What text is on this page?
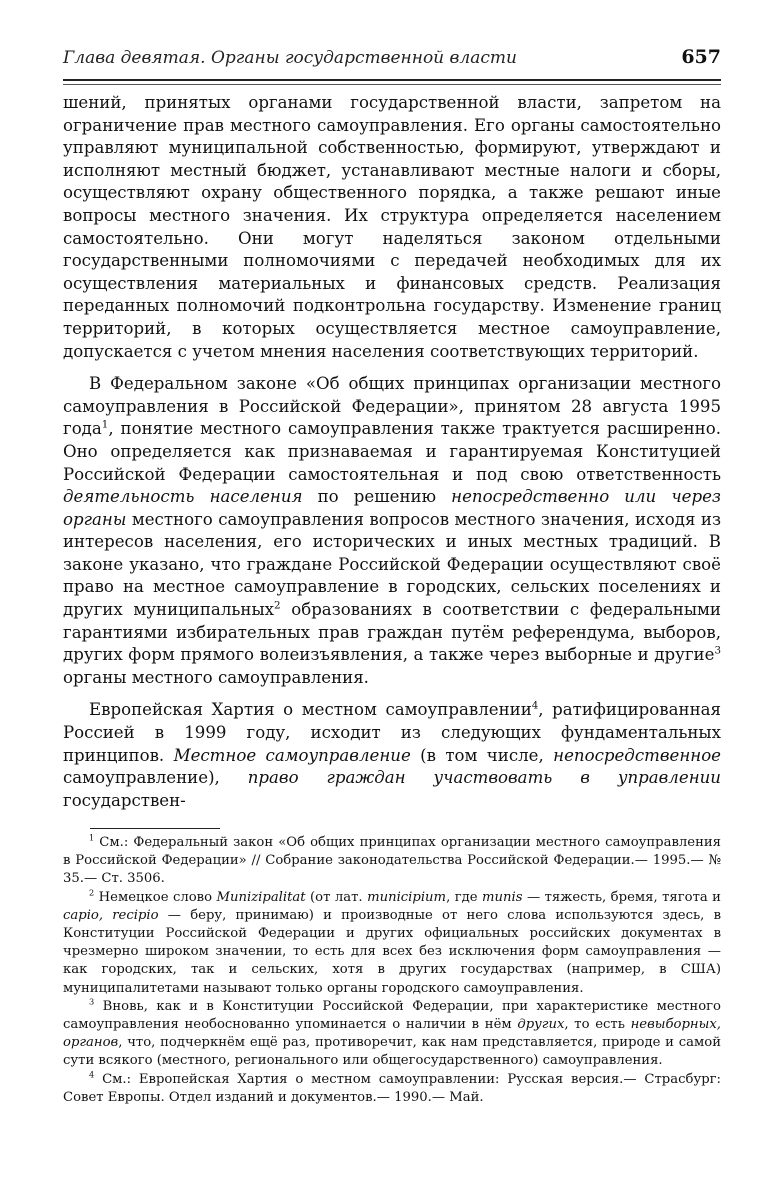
Глава девятая. Органы государственной власти	657

шений, принятых органами государственной власти, запретом на ограничение прав местного самоуправления. Его органы самостоятельно управляют муниципальной собственностью, формируют, утверждают и исполняют местный бюджет, устанавливают местные налоги и сборы, осуществляют охрану общественного порядка, а также решают иные вопросы местного значения. Их структура определяется населением самостоятельно. Они могут наделяться законом отдельными государственными полномочиями с передачей необходимых для их осуществления материальных и финансовых средств. Реализация переданных полномочий подконтрольна государству. Изменение границ территорий, в которых осуществляется местное самоуправление, допускается с учетом мнения населения соответствующих территорий.

В Федеральном законе «Об общих принципах организации местного самоуправления в Российской Федерации», принятом 28 августа 1995 года$^1$, понятие местного самоуправления также трактуется расширенно. Оно определяется как признаваемая и гарантируемая Конституцией Российской Федерации самостоятельная и под свою ответственность деятельность населения по решению непосредственно или через органы местного самоуправления вопросов местного значения, исходя из интересов населения, его исторических и иных местных традиций. В законе указано, что граждане Российской Федерации осуществляют своё право на местное самоуправление в городских, сельских поселениях и других муниципальных$^2$ образованиях в соответствии с федеральными гарантиями избирательных прав граждан путём референдума, выборов, других форм прямого волеизъявления, а также через выборные и другие$^3$ органы местного самоуправления.

Европейская Хартия о местном самоуправлении$^4$, ратифицированная Россией в 1999 году, исходит из следующих фундаментальных принципов. Местное самоуправление (в том числе, непосредственное самоуправление), право граждан участвовать в управлении государствен-

$^1$ См.: Федеральный закон «Об общих принципах организации местного самоуправления в Российской Федерации» // Собрание законодательства Российской Федерации.— 1995.— № 35.— Ст. 3506.

$^2$ Немецкое слово Munizipalitat (от лат. municipium, где munis — тяжесть, бремя, тягота и capio, recipio — беру, принимаю) и производные от него слова используются здесь, в Конституции Российской Федерации и других официальных российских документах в чрезмерно широком значении, то есть для всех без исключения форм самоуправления — как городских, так и сельских, хотя в других государствах (например, в США) муниципалитетами называют только органы городского самоуправления.

$^3$ Вновь, как и в Конституции Российской Федерации, при характеристике местного самоуправления необоснованно упоминается о наличии в нём других, то есть невыборных, органов, что, подчеркнём ещё раз, противоречит, как нам представляется, природе и самой сути всякого (местного, регионального или общегосударственного) самоуправления.

$^4$ См.: Европейская Хартия о местном самоуправлении: Русская версия.— Страсбург: Совет Европы. Отдел изданий и документов.— 1990.— Май.
